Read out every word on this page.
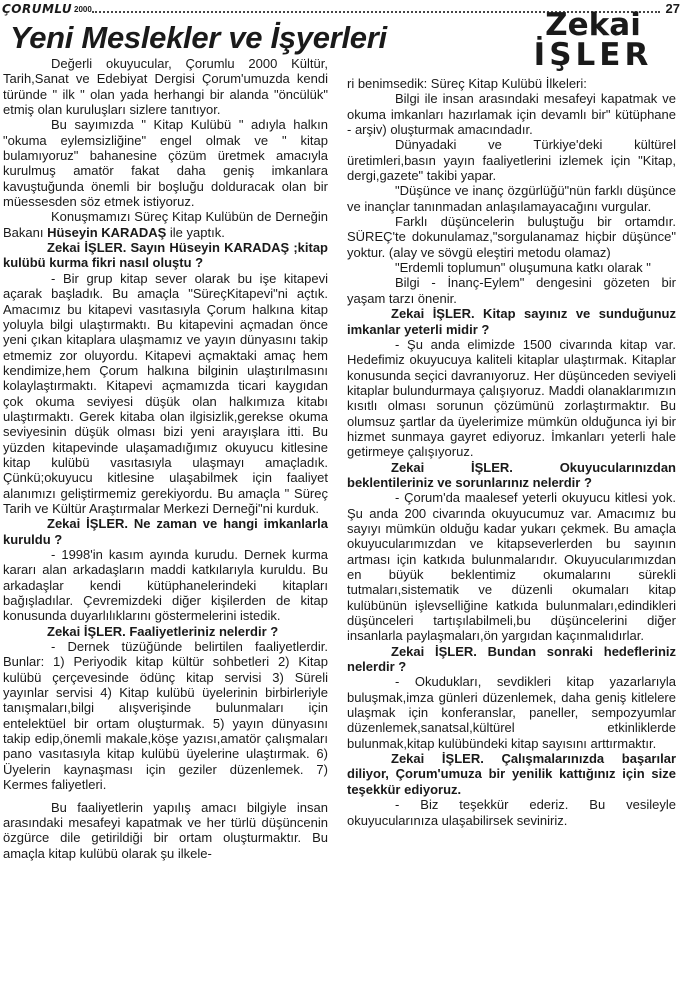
ÇORUMLU 2000	27
Yeni Meslekler ve İşyerleri	Zekai
İŞLER

Değerli okuyucular, Çorumlu 2000 Kültür, Tarih,Sanat ve Edebiyat Dergisi Çorum'umuzda kendi türünde " ilk " olan yada herhangi bir alanda "öncülük" etmiş olan kuruluşları sizlere tanıtıyor.

Bu sayımızda " Kitap Kulübü " adıyla halkın "okuma eylemsizliğine" engel olmak ve " kitap bulamıyoruz" bahanesine çözüm üretmek amacıyla kurulmuş amatör fakat daha geniş imkanlara kavuştuğunda önemli bir boşluğu dolduracak olan bir müessesden söz etmek istiyoruz.

Konuşmamızı Süreç Kitap Kulübün de Derneğin Bakanı Hüseyin KARADAŞ ile yaptık.

Zekai İŞLER. Sayın Hüseyin KARADAŞ ;kitap kulübü kurma fikri nasıl oluştu ?

- Bir grup kitap sever olarak bu işe kitapevi açarak başladık. Bu amaçla "SüreçKitapevi"ni açtık. Amacımız bu kitapevi vasıtasıyla Çorum halkına kitap yoluyla bilgi ulaştırmaktı. Bu kitapevini açmadan önce yeni çıkan kitaplara ulaşmamız ve yayın dünyasını takip etmemiz zor oluyordu. Kitapevi açmaktaki amaç hem kendimize,hem Çorum halkına bilginin ulaştırılmasını kolaylaştırmaktı. Kitapevi açmamızda ticari kaygıdan çok okuma seviyesi düşük olan halkımıza kitabı ulaştırmaktı. Gerek kitaba olan ilgisizlik,gerekse okuma seviyesinin düşük olması bizi yeni arayışlara itti. Bu yüzden kitapevinde ulaşamadığımız okuyucu kitlesine kitap kulübü vasıtasıyla ulaşmayı amaçladık. Çünkü;okuyucu kitlesine ulaşabilmek için faaliyet alanımızı geliştirmemiz gerekiyordu. Bu amaçla " Süreç Tarih ve Kültür Araştırmalar Merkezi Derneği"ni kurduk.

Zekai İŞLER. Ne zaman ve hangi imkanlarla kuruldu ?

- 1998'in kasım ayında kurudu. Dernek kurma kararı alan arkadaşların maddi katkılarıyla kuruldu. Bu arkadaşlar kendi kütüphanelerindeki kitapları bağışladılar. Çevremizdeki diğer kişilerden de kitap konusunda duyarlılıklarını göstermelerini istedik.

Zekai İŞLER. Faaliyetleriniz nelerdir ?

- Dernek tüzüğünde belirtilen faaliyetlerdir. Bunlar: 1) Periyodik kitap kültür sohbetleri 2) Kitap kulübü çerçevesinde ödünç kitap servisi 3) Süreli yayınlar servisi 4) Kitap kulübü üyelerinin birbirleriyle tanışmaları,bilgi alışverişinde bulunmaları için entelektüel bir ortam oluşturmak. 5) yayın dünyasını takip edip,önemli makale,köşe yazısı,amatör çalışmaları pano vasıtasıyla kitap kulübü üyelerine ulaştırmak. 6) Üyelerin kaynaşması için geziler düzenlemek. 7) Kermes faliyetleri.

Bu faaliyetlerin yapılış amacı bilgiyle insan arasındaki mesafeyi kapatmak ve her türlü düşüncenin özgürce dile getirildiği bir ortam oluşturmaktır. Bu amaçla kitap kulübü olarak şu ilkele-

ri benimsedik: Süreç Kitap Kulübü İlkeleri:

Bilgi ile insan arasındaki mesafeyi kapatmak ve okuma imkanları hazırlamak için devamlı bir" kütüphane - arşiv) oluşturmak amacındadır.

Dünyadaki ve Türkiye'deki kültürel üretimleri,basın yayın faaliyetlerini izlemek için "Kitap, dergi,gazete" takibi yapar.

"Düşünce ve inanç özgürlüğü"nün farklı düşünce ve inançlar tanınmadan anlaşılamayacağını vurgular.

Farklı düşüncelerin buluştuğu bir ortamdır. SÜREÇ'te dokunulamaz,"sorgulanamaz hiçbir düşünce" yoktur. (alay ve sövgü eleştiri metodu olamaz)

"Erdemli toplumun" oluşumuna katkı olarak "

Bilgi - İnanç-Eylem" dengesini gözeten bir yaşam tarzı önenir.

Zekai İŞLER. Kitap sayınız ve sunduğunuz imkanlar yeterli midir ?

- Şu anda elimizde 1500 civarında kitap var. Hedefimiz okuyucuya kaliteli kitaplar ulaştırmak. Kitaplar konusunda seçici davranıyoruz. Her düşünceden seviyeli kitaplar bulundurmaya çalışıyoruz. Maddi olanaklarımızın kısıtlı olması sorunun çözümünü zorlaştırmaktır. Bu olumsuz şartlar da üyelerimize mümkün olduğunca iyi bir hizmet sunmaya gayret ediyoruz. İmkanları yeterli hale getirmeye çalışıyoruz.

Zekai İŞLER. Okuyucularınızdan beklentileriniz ve sorunlarınız nelerdir ?

- Çorum'da maalesef yeterli okuyucu kitlesi yok. Şu anda 200 civarında okuyucumuz var. Amacımız bu sayıyı mümkün olduğu kadar yukarı çekmek. Bu amaçla okuyucularımızdan ve kitapseverlerden bu sayının artması için katkıda bulunmalarıdır. Okuyucularımızdan en büyük beklentimiz okumalarını sürekli tutmaları,sistematik ve düzenli okumaları kitap kulübünün işlevselliğine katkıda bulunmaları,edindikleri düşünceleri tartışılabilmeli,bu düşüncelerini diğer insanlarla paylaşmaları,ön yargıdan kaçınmalıdırlar.

Zekai İŞLER. Bundan sonraki hedefleriniz nelerdir ?

- Okudukları, sevdikleri kitap yazarlarıyla buluşmak,imza günleri düzenlemek, daha geniş kitlelere ulaşmak için konferanslar, paneller, sempozyumlar düzenlemek,sanatsal,kültürel etkinliklerde bulunmak,kitap kulübündeki kitap sayısını arttırmaktır.

Zekai İŞLER. Çalışmalarınızda başarılar diliyor, Çorum'umuza bir yenilik kattığınız için size teşekkür ediyoruz.

- Biz teşekkür ederiz. Bu vesileyle okuyucularınıza ulaşabilirsek seviniriz.
